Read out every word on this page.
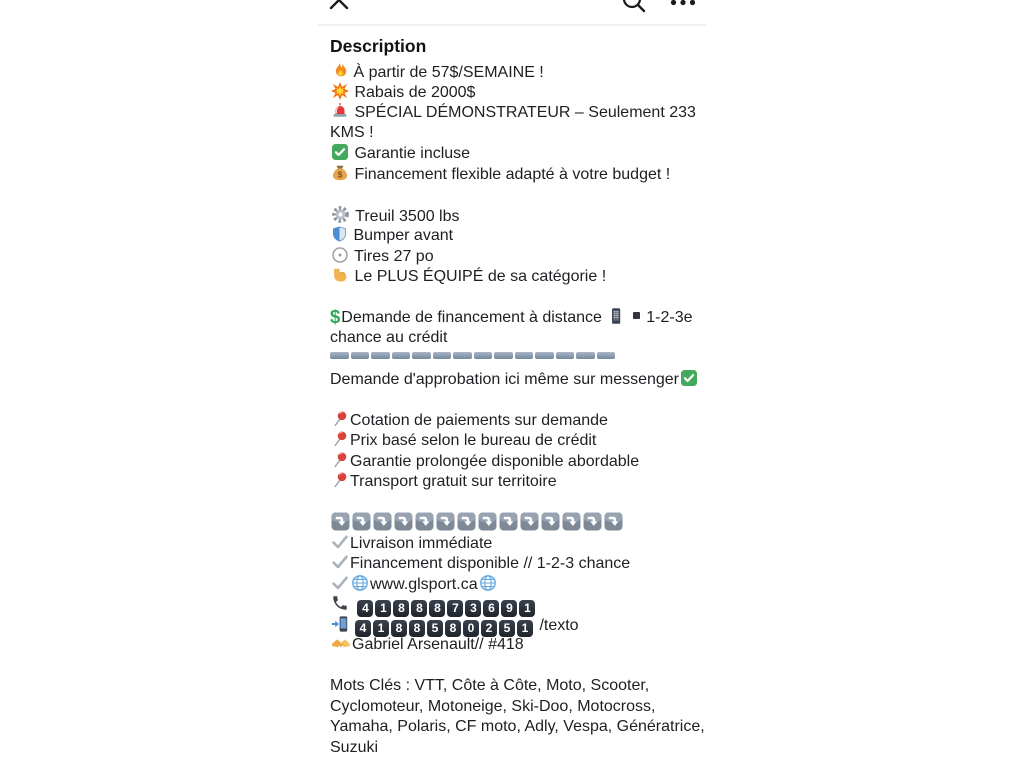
Description
À partir de 57$/SEMAINE !
Rabais de 2000$
SPÉCIAL DÉMONSTRATEUR – Seulement 233
KMS !
Garantie incluse
$ Financement flexible adapté à votre budget !

Treuil 3500 lbs
Bumper avant
Tires 27 po
Le PLUS ÉQUIPÉ de sa catégorie !

$Demande de financement à distance   1-2-3e
chance au crédit
Demande d'approbation ici même sur messenger

Cotation de paiements sur demande
Prix basé selon le bureau de crédit
Garantie prolongée disponible abordable
Transport gratuit sur territoire

Livraison immédiate
Financement disponible // 1-2-3 chance
www.glsport.ca
4 1 8 8 8 7 3 6 9 1
4 1 8 8 5 8 0 2 5 1 /texto
Gabriel Arsenault// #418

Mots Clés : VTT, Côte à Côte, Moto, Scooter,
Cyclomoteur, Motoneige, Ski-Doo, Motocross,
Yamaha, Polaris, CF moto, Adly, Vespa, Génératrice,
Suzuki
